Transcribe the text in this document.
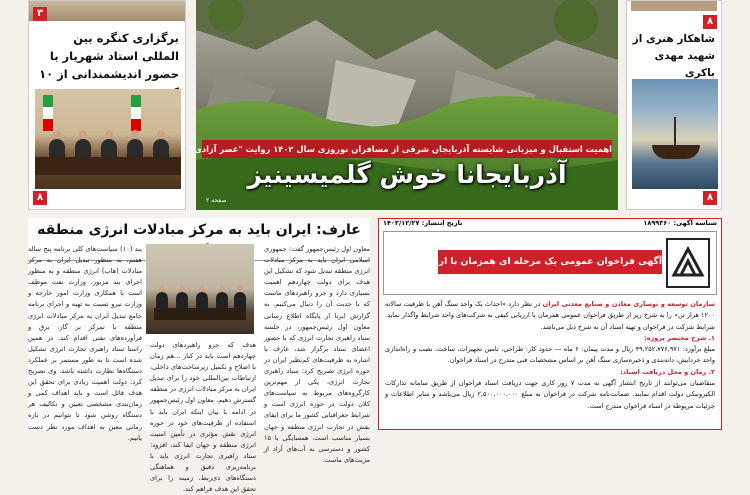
۳
برگزاری کنگره بین المللی استاد شهریار با حضور اندیشمندانی از ۱۰
۸
اهمیت استقبال و میزبانی شایسته آذربایجان شرقی از مسافران نوروزی سال ۱۴۰۲ روایت "عصر آزادی"
آذربایجانا خوش گلمیسینیز
صفحه ۲
۸
شاهکار هنری از شهید مهدی باکری
۸
عارف: ایران باید به مرکز مبادلات انرژی منطقه
معاون اول رئیس‌جمهور گفت: جمهوری اسلامی ایران باید به مرکز مبادلات انرژی منطقه تبدیل شود که تشکیل این هدف برای دولت چهاردهم اهمیت بسیاری دارد و جزو راهبردهای ماست که با جدیت آن را دنبال می‌کنیم. به گزارش ایرنا از پایگاه اطلاع رسانی معاون اول رئیس‌جمهور، در جلسه ستاد راهبری تجارت انرژی که با حضور اعضای ستاد برگزار شد، عارف با اشاره به ظرفیت‌های کم‌نظیر ایران در حوزه انرژی تصریح کرد: ستاد راهبری تجارت انرژی، یکی از مهم‌ترین کارگروه‌های مربوط به سیاست‌های کلان دولت در حوزه انرژی است و شرایط جغرافیایی کشور ما برای ایفای نقش در تجارت انرژی منطقه و جهان بسیار مناسب است. همسایگی با ۱۵ کشور و دسترسی به آب‌های آزاد از مزیت‌های ماست.
هدف که جزو راهبردهای دولت چهاردهم است باید در کنار ...هم زمان با اصلاح و تکمیل زیرساخت‌های داخلی، ارتباطات بین‌المللی خود را برای تبدیل ایران به مرکز مبادلات انرژی در منطقه گسترش دهیم. معاون اول رئیس‌جمهور در ادامه با بیان اینکه ایران باید با استفاده از ظرفیت‌های خود در حوزه انرژی نقش مؤثری در تأمین امنیت انرژی منطقه و جهان ایفا کند، افزود: ستاد راهبری تجارت انرژی باید با برنامه‌ریزی دقیق و هماهنگی دستگاه‌های ذی‌ربط، زمینه را برای تحقق این هدف فراهم کند.
بند (۱۰) سیاست‌های کلی برنامه پنج ساله هفتم، به منظور تبدیل ایران به مرکز مبادلات (هاب) انرژی منطقه و به منظور اجرای بند مزبور، وزارت نفت موظف است با همکاری وزارت امور خارجه و وزارت نیرو نسبت به تهیه و اجرای برنامه جامع تبدیل ایران به مرکز مبادلات انرژی منطقه با تمرکز بر گاز، برق و فرآورده‌های نفتی اقدام کند. در همین راستا ستاد راهبری تجارت انرژی تشکیل شده است تا به طور مستمر بر عملکرد دستگاه‌ها نظارت داشته باشد. وی تصریح کرد: دولت اهمیت زیادی برای تحقق این هدف قائل است و باید اهداف کمی و زمان‌بندی مشخصی تعیین و تکالیف هر دستگاه روشن شود تا بتوانیم در بازه زمانی معین به اهداف مورد نظر دست یابیم.
شناسه آگهی: ۱۸۹۹۳۶۰
تاریخ انتشار: ۱۴۰۳/۱۲/۲۷
آگهی فراخوان عمومی یک مرحله ای همزمان با ارزیابی کیفی
سازمان توسعه و نوسازی معادن و صنایع معدنی ایران در نظر دارد «احداث یک واحد سنگ آهن با ظرفیت سالانه ۱۲۰۰ هزار تن» را به شرح زیر از طریق فراخوان عمومی همزمان با ارزیابی کیفی به شرکت‌های واجد شرایط واگذار نماید. شرایط شرکت در فراخوان و تهیه اسناد آن به شرح ذیل می‌باشد.
۱. شرح مختصر پروژه:
مبلغ برآورد: ۴۹,۲۵۲,۷۷۶,۹۷۱ ریال و مدت پیمان: ۶ ماه — حدود کار: طراحی، تامین تجهیزات، ساخت، نصب و راه‌اندازی واحد خردایش، دانه‌بندی و ذخیره‌سازی سنگ آهن بر اساس مشخصات فنی مندرج در اسناد فراخوان.
۲. زمان و محل دریافت اسناد:
متقاضیان می‌توانند از تاریخ انتشار آگهی به مدت ۷ روز کاری جهت دریافت اسناد فراخوان از طریق سامانه تدارکات الکترونیکی دولت اقدام نمایند. ضمانت‌نامه شرکت در فراخوان به مبلغ ۲,۵۰۰,۰۰۰,۰۰۰ ریال می‌باشد و سایر اطلاعات و جزئیات مربوطه در اسناد فراخوان مندرج است.
